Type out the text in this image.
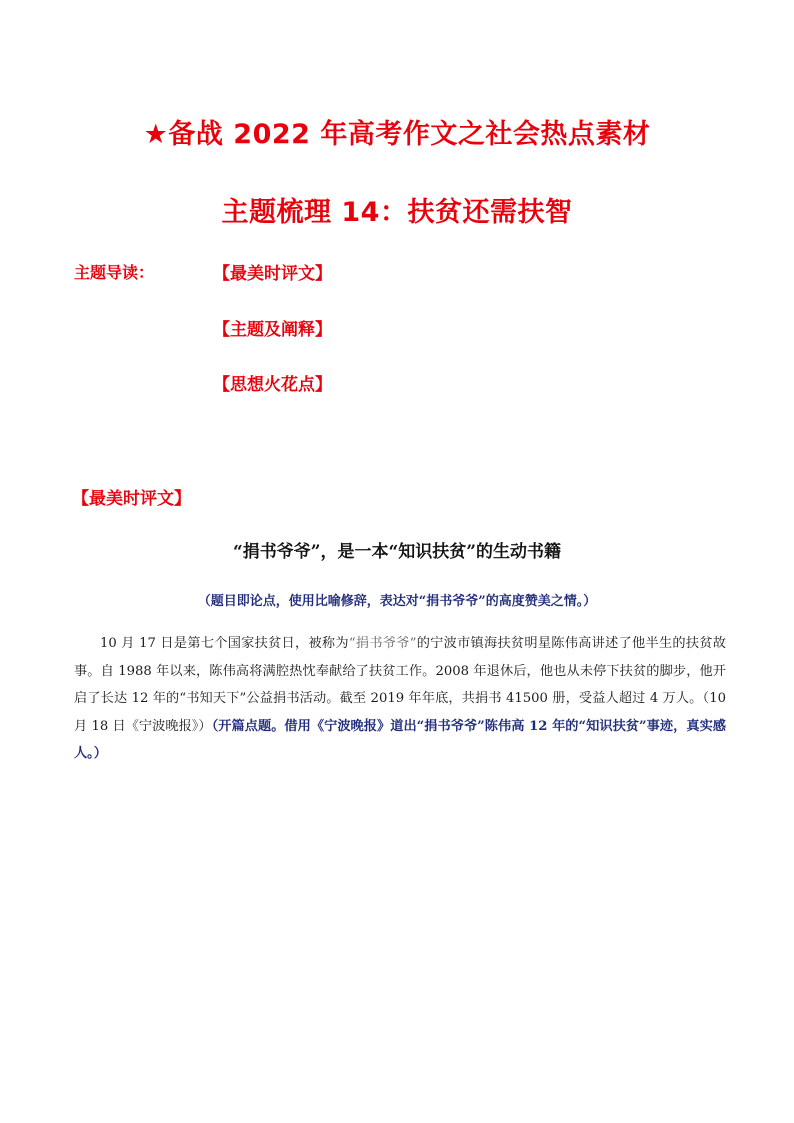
★备战 2022 年高考作文之社会热点素材
主题梳理 14：扶贫还需扶智
主题导读：	【最美时评文】
【主题及阐释】
【思想火花点】
【最美时评文】
“捐书爷爷”，是一本“知识扶贫”的生动书籍
（题目即论点，使用比喻修辞，表达对“捐书爷爷”的高度赞美之情。）
10 月 17 日是第七个国家扶贫日，被称为“捐书爷爷”的宁波市镇海扶贫明星陈伟高讲述了他半生的扶贫故事。自 1988 年以来，陈伟高将满腔热忱奉献给了扶贫工作。2008 年退休后，他也从未停下扶贫的脚步，他开启了长达 12 年的“书知天下”公益捐书活动。截至 2019 年年底，共捐书 41500 册，受益人超过 4 万人。（10 月 18 日《宁波晚报》）（开篇点题。借用《宁波晚报》道出“捐书爷爷”陈伟高 12 年的“知识扶贫”事迹，真实感人。）
